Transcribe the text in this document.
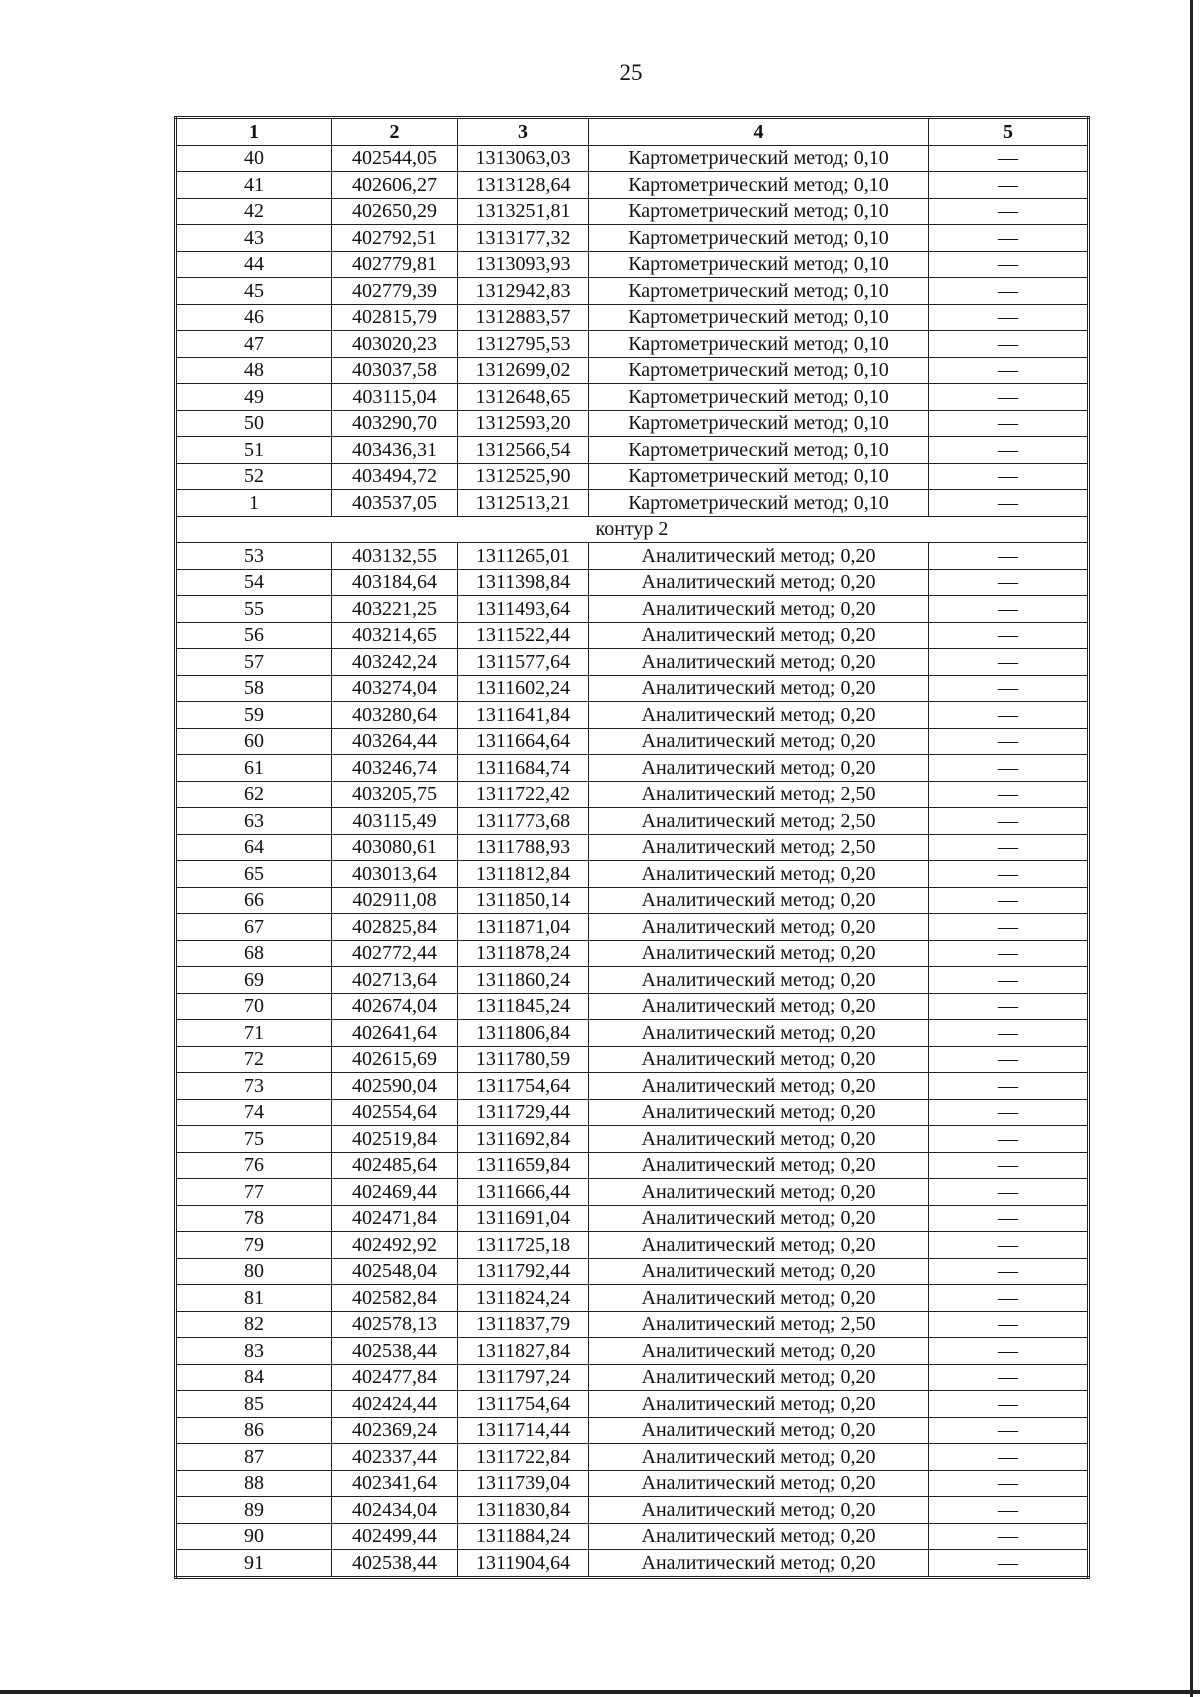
25
1	2	3	4	5
40	402544,05	1313063,03	Картометрический метод; 0,10	—
41	402606,27	1313128,64	Картометрический метод; 0,10	—
42	402650,29	1313251,81	Картометрический метод; 0,10	—
43	402792,51	1313177,32	Картометрический метод; 0,10	—
44	402779,81	1313093,93	Картометрический метод; 0,10	—
45	402779,39	1312942,83	Картометрический метод; 0,10	—
46	402815,79	1312883,57	Картометрический метод; 0,10	—
47	403020,23	1312795,53	Картометрический метод; 0,10	—
48	403037,58	1312699,02	Картометрический метод; 0,10	—
49	403115,04	1312648,65	Картометрический метод; 0,10	—
50	403290,70	1312593,20	Картометрический метод; 0,10	—
51	403436,31	1312566,54	Картометрический метод; 0,10	—
52	403494,72	1312525,90	Картометрический метод; 0,10	—
1	403537,05	1312513,21	Картометрический метод; 0,10	—
контур 2				
53	403132,55	1311265,01	Аналитический метод; 0,20	—
54	403184,64	1311398,84	Аналитический метод; 0,20	—
55	403221,25	1311493,64	Аналитический метод; 0,20	—
56	403214,65	1311522,44	Аналитический метод; 0,20	—
57	403242,24	1311577,64	Аналитический метод; 0,20	—
58	403274,04	1311602,24	Аналитический метод; 0,20	—
59	403280,64	1311641,84	Аналитический метод; 0,20	—
60	403264,44	1311664,64	Аналитический метод; 0,20	—
61	403246,74	1311684,74	Аналитический метод; 0,20	—
62	403205,75	1311722,42	Аналитический метод; 2,50	—
63	403115,49	1311773,68	Аналитический метод; 2,50	—
64	403080,61	1311788,93	Аналитический метод; 2,50	—
65	403013,64	1311812,84	Аналитический метод; 0,20	—
66	402911,08	1311850,14	Аналитический метод; 0,20	—
67	402825,84	1311871,04	Аналитический метод; 0,20	—
68	402772,44	1311878,24	Аналитический метод; 0,20	—
69	402713,64	1311860,24	Аналитический метод; 0,20	—
70	402674,04	1311845,24	Аналитический метод; 0,20	—
71	402641,64	1311806,84	Аналитический метод; 0,20	—
72	402615,69	1311780,59	Аналитический метод; 0,20	—
73	402590,04	1311754,64	Аналитический метод; 0,20	—
74	402554,64	1311729,44	Аналитический метод; 0,20	—
75	402519,84	1311692,84	Аналитический метод; 0,20	—
76	402485,64	1311659,84	Аналитический метод; 0,20	—
77	402469,44	1311666,44	Аналитический метод; 0,20	—
78	402471,84	1311691,04	Аналитический метод; 0,20	—
79	402492,92	1311725,18	Аналитический метод; 0,20	—
80	402548,04	1311792,44	Аналитический метод; 0,20	—
81	402582,84	1311824,24	Аналитический метод; 0,20	—
82	402578,13	1311837,79	Аналитический метод; 2,50	—
83	402538,44	1311827,84	Аналитический метод; 0,20	—
84	402477,84	1311797,24	Аналитический метод; 0,20	—
85	402424,44	1311754,64	Аналитический метод; 0,20	—
86	402369,24	1311714,44	Аналитический метод; 0,20	—
87	402337,44	1311722,84	Аналитический метод; 0,20	—
88	402341,64	1311739,04	Аналитический метод; 0,20	—
89	402434,04	1311830,84	Аналитический метод; 0,20	—
90	402499,44	1311884,24	Аналитический метод; 0,20	—
91	402538,44	1311904,64	Аналитический метод; 0,20	—
